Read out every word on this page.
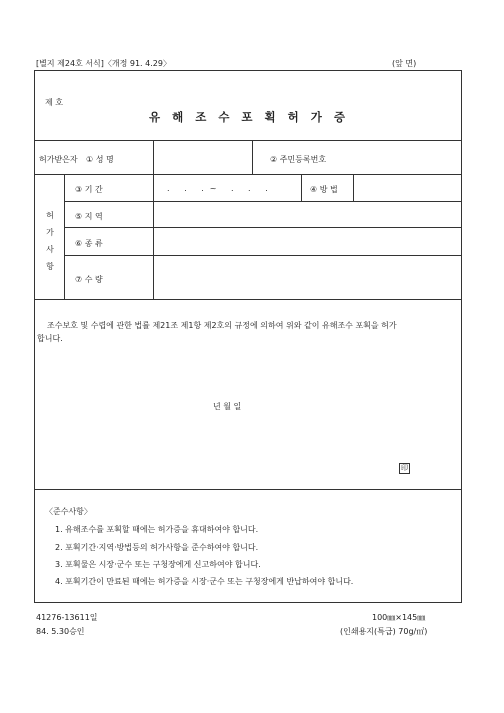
[별지 제24호 서식]〈개정 91. 4.29〉	(앞 면)
제 호
유 해 조 수 포 획 허 가 증
허가받은자 ① 성 명	② 주민등록번호
허
가
사
항
③ 기 간	. . .~ . . .	④ 방 법
⑤ 지 역
⑥ 종 류
⑦ 수 량
조수보호 및 수렵에 관한 법률 제21조 제1항 제2호의 규정에 의하여 위와 같이 유해조수 포획을 허가
합니다.
년 월 일
印
〈준수사항〉
1. 유해조수를 포획할 때에는 허가증을 휴대하여야 합니다.
2. 포획기간·지역·방법등의 허가사항을 준수하여야 합니다.
3. 포획물은 시장·군수 또는 구청장에게 신고하여야 합니다.
4. 포획기간이 만료된 때에는 허가증을 시장·군수 또는 구청장에게 반납하여야 합니다.
41276-13611일
84. 5.30승인
100㎜×145㎜
(인쇄용지(특급) 70g/㎡)
